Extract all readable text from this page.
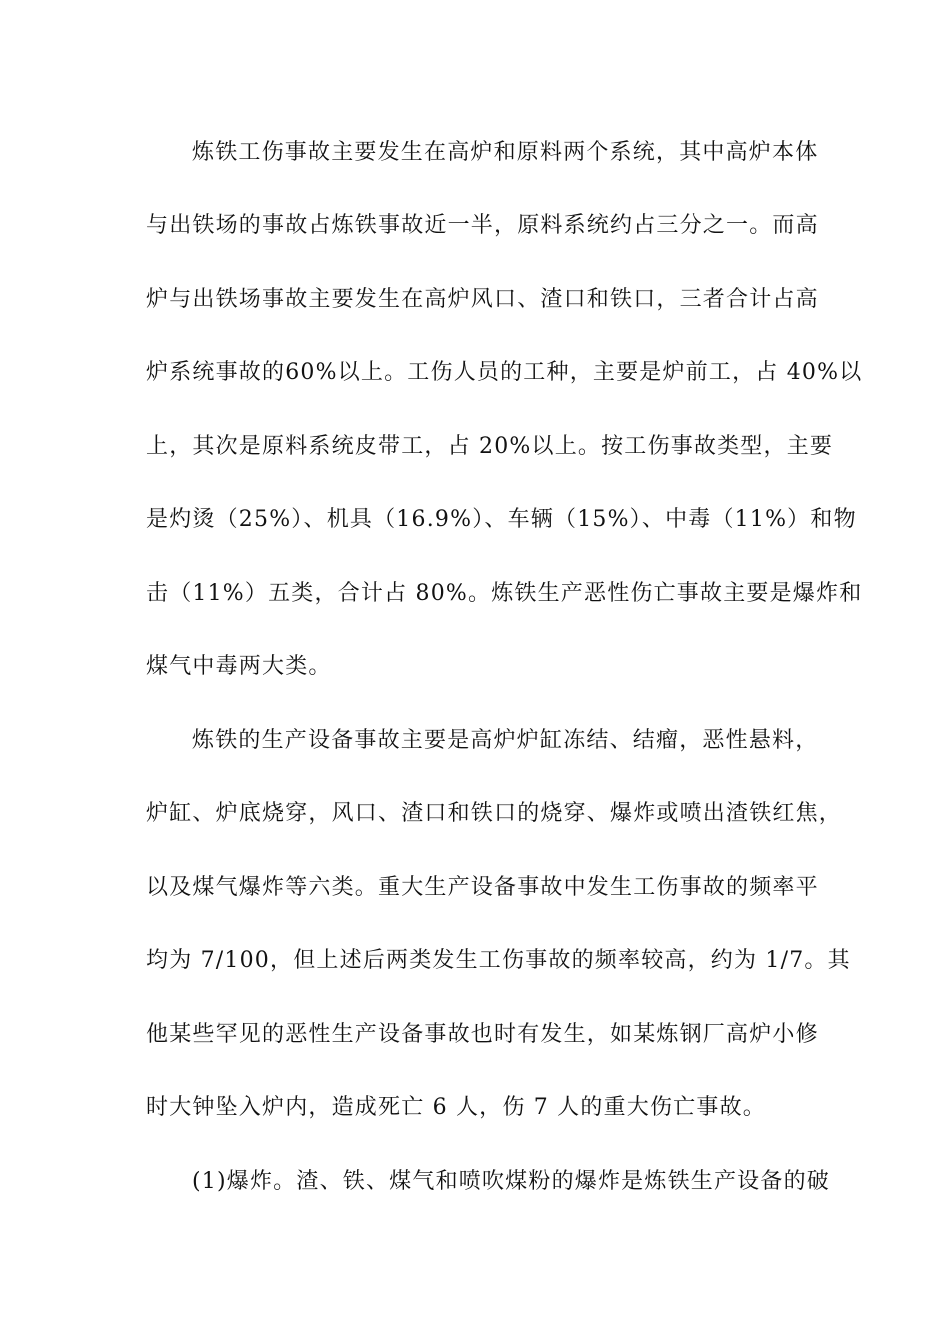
炼铁工伤事故主要发生在高炉和原料两个系统，其中高炉本体
与出铁场的事故占炼铁事故近一半，原料系统约占三分之一。而高
炉与出铁场事故主要发生在高炉风口、渣口和铁口，三者合计占高
炉系统事故的60%以上。工伤人员的工种，主要是炉前工，占 40%以
上，其次是原料系统皮带工，占 20%以上。按工伤事故类型，主要
是灼烫（25%）、机具（16.9%）、车辆（15%）、中毒（11%）和物
击（11%）五类，合计占 80%。炼铁生产恶性伤亡事故主要是爆炸和
煤气中毒两大类。
炼铁的生产设备事故主要是高炉炉缸冻结、结瘤，恶性悬料，
炉缸、炉底烧穿，风口、渣口和铁口的烧穿、爆炸或喷出渣铁红焦，
以及煤气爆炸等六类。重大生产设备事故中发生工伤事故的频率平
均为 7/100，但上述后两类发生工伤事故的频率较高，约为 1/7。其
他某些罕见的恶性生产设备事故也时有发生，如某炼钢厂高炉小修
时大钟坠入炉内，造成死亡 6 人，伤 7 人的重大伤亡事故。
(1)爆炸。渣、铁、煤气和喷吹煤粉的爆炸是炼铁生产设备的破
